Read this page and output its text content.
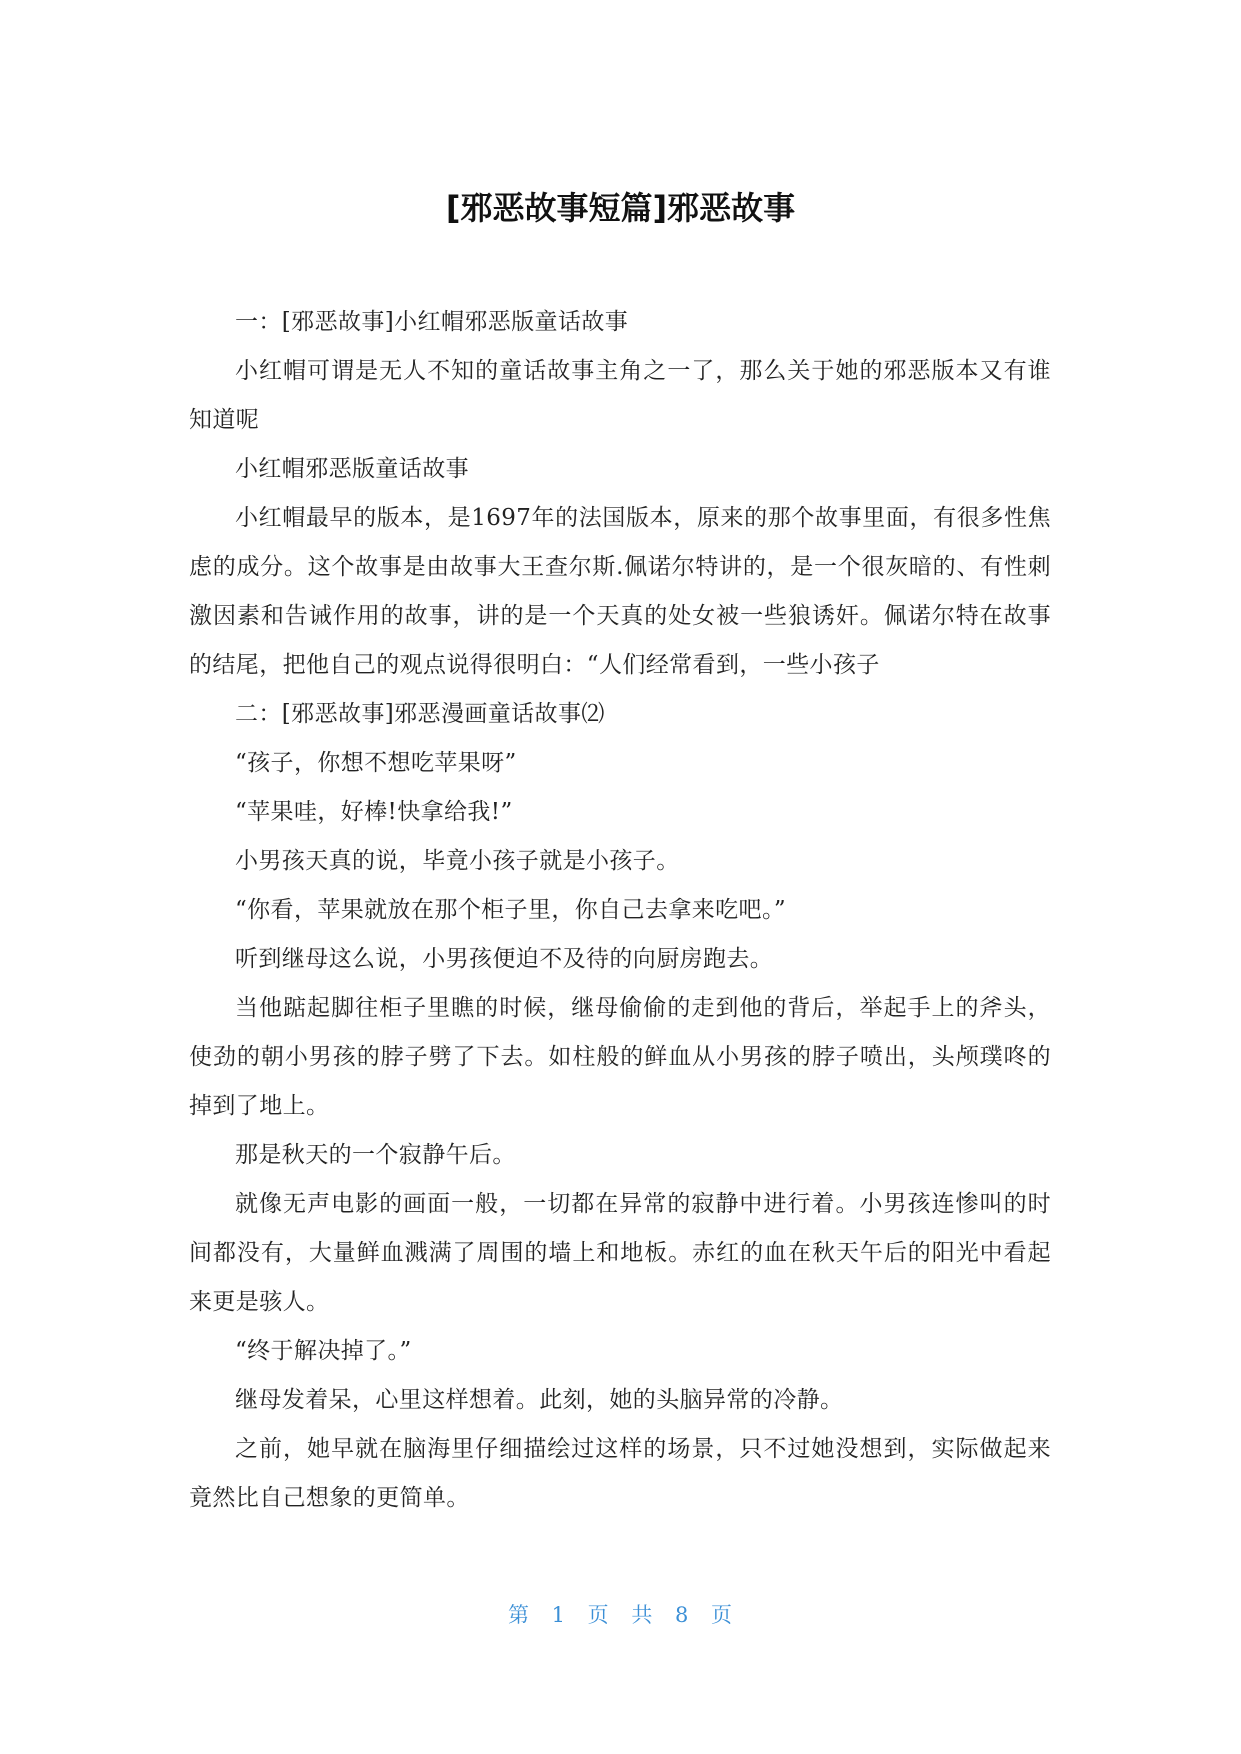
[邪恶故事短篇]邪恶故事

一：[邪恶故事]小红帽邪恶版童话故事

小红帽可谓是无人不知的童话故事主角之一了，那么关于她的邪恶版本又有谁知道呢

小红帽邪恶版童话故事

小红帽最早的版本，是1697年的法国版本，原来的那个故事里面，有很多性焦虑的成分。这个故事是由故事大王查尔斯.佩诺尔特讲的，是一个很灰暗的、有性刺激因素和告诫作用的故事，讲的是一个天真的处女被一些狼诱奸。佩诺尔特在故事的结尾，把他自己的观点说得很明白：“人们经常看到，一些小孩子

二：[邪恶故事]邪恶漫画童话故事⑵

“孩子，你想不想吃苹果呀”

“苹果哇，好棒!快拿给我!”

小男孩天真的说，毕竟小孩子就是小孩子。

“你看，苹果就放在那个柜子里，你自己去拿来吃吧。”

听到继母这么说，小男孩便迫不及待的向厨房跑去。

当他踮起脚往柜子里瞧的时候，继母偷偷的走到他的背后，举起手上的斧头，使劲的朝小男孩的脖子劈了下去。如柱般的鲜血从小男孩的脖子喷出，头颅璞咚的掉到了地上。

那是秋天的一个寂静午后。

就像无声电影的画面一般，一切都在异常的寂静中进行着。小男孩连惨叫的时间都没有，大量鲜血溅满了周围的墙上和地板。赤红的血在秋天午后的阳光中看起来更是骇人。

“终于解决掉了。”

继母发着呆，心里这样想着。此刻，她的头脑异常的冷静。

之前，她早就在脑海里仔细描绘过这样的场景，只不过她没想到，实际做起来竟然比自己想象的更简单。

第 1 页 共 8 页
